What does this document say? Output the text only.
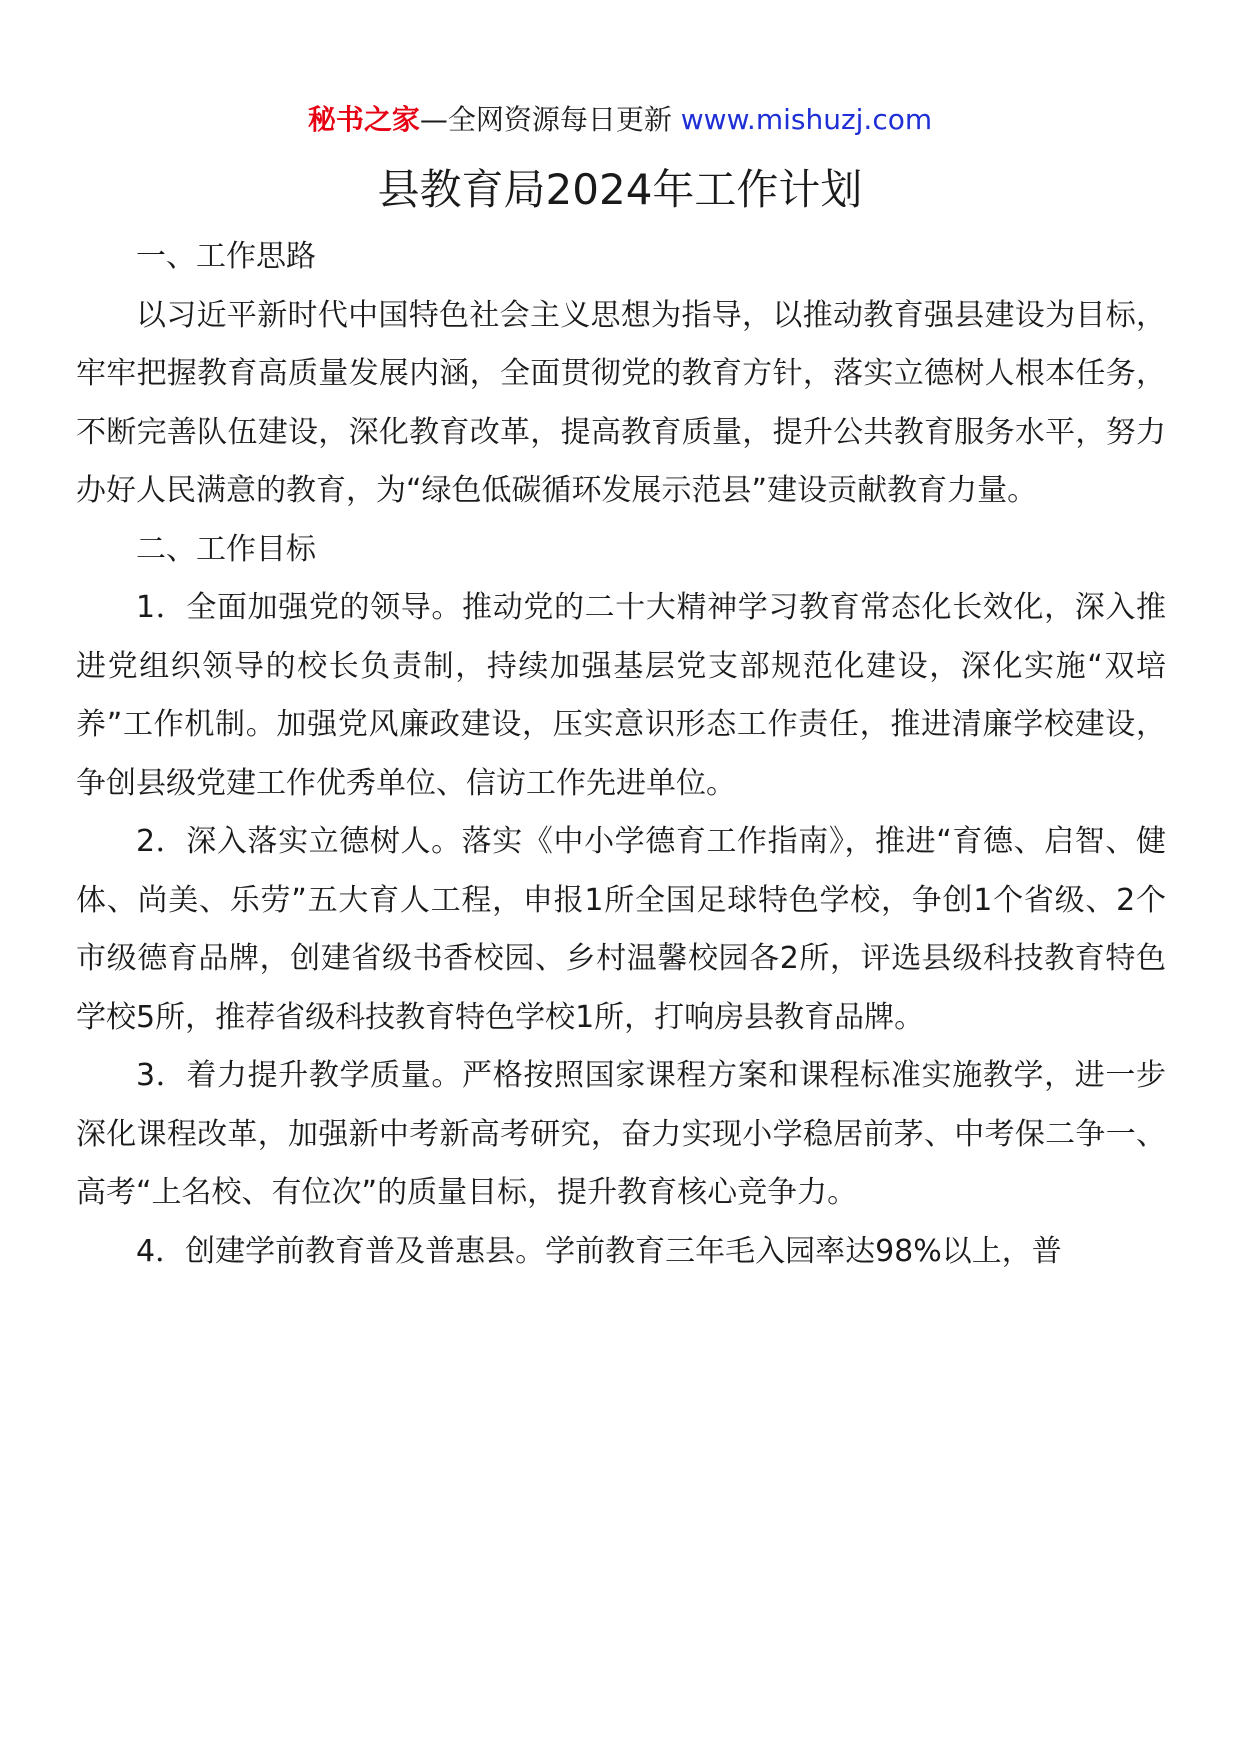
秘书之家—全网资源每日更新 www.mishuzj.com
县教育局2024年工作计划

一、工作思路

以习近平新时代中国特色社会主义思想为指导，以推动教育强县建设为目标，牢牢把握教育高质量发展内涵，全面贯彻党的教育方针，落实立德树人根本任务，不断完善队伍建设，深化教育改革，提高教育质量，提升公共教育服务水平，努力办好人民满意的教育，为“绿色低碳循环发展示范县”建设贡献教育力量。

二、工作目标

1．全面加强党的领导。推动党的二十大精神学习教育常态化长效化，深入推进党组织领导的校长负责制，持续加强基层党支部规范化建设，深化实施“双培养”工作机制。加强党风廉政建设，压实意识形态工作责任，推进清廉学校建设，争创县级党建工作优秀单位、信访工作先进单位。

2．深入落实立德树人。落实《中小学德育工作指南》，推进“育德、启智、健体、尚美、乐劳”五大育人工程，申报1所全国足球特色学校，争创1个省级、2个市级德育品牌，创建省级书香校园、乡村温馨校园各2所，评选县级科技教育特色学校5所，推荐省级科技教育特色学校1所，打响房县教育品牌。

3．着力提升教学质量。严格按照国家课程方案和课程标准实施教学，进一步深化课程改革，加强新中考新高考研究，奋力实现小学稳居前茅、中考保二争一、高考“上名校、有位次”的质量目标，提升教育核心竞争力。

4．创建学前教育普及普惠县。学前教育三年毛入园率达98%以上，普
